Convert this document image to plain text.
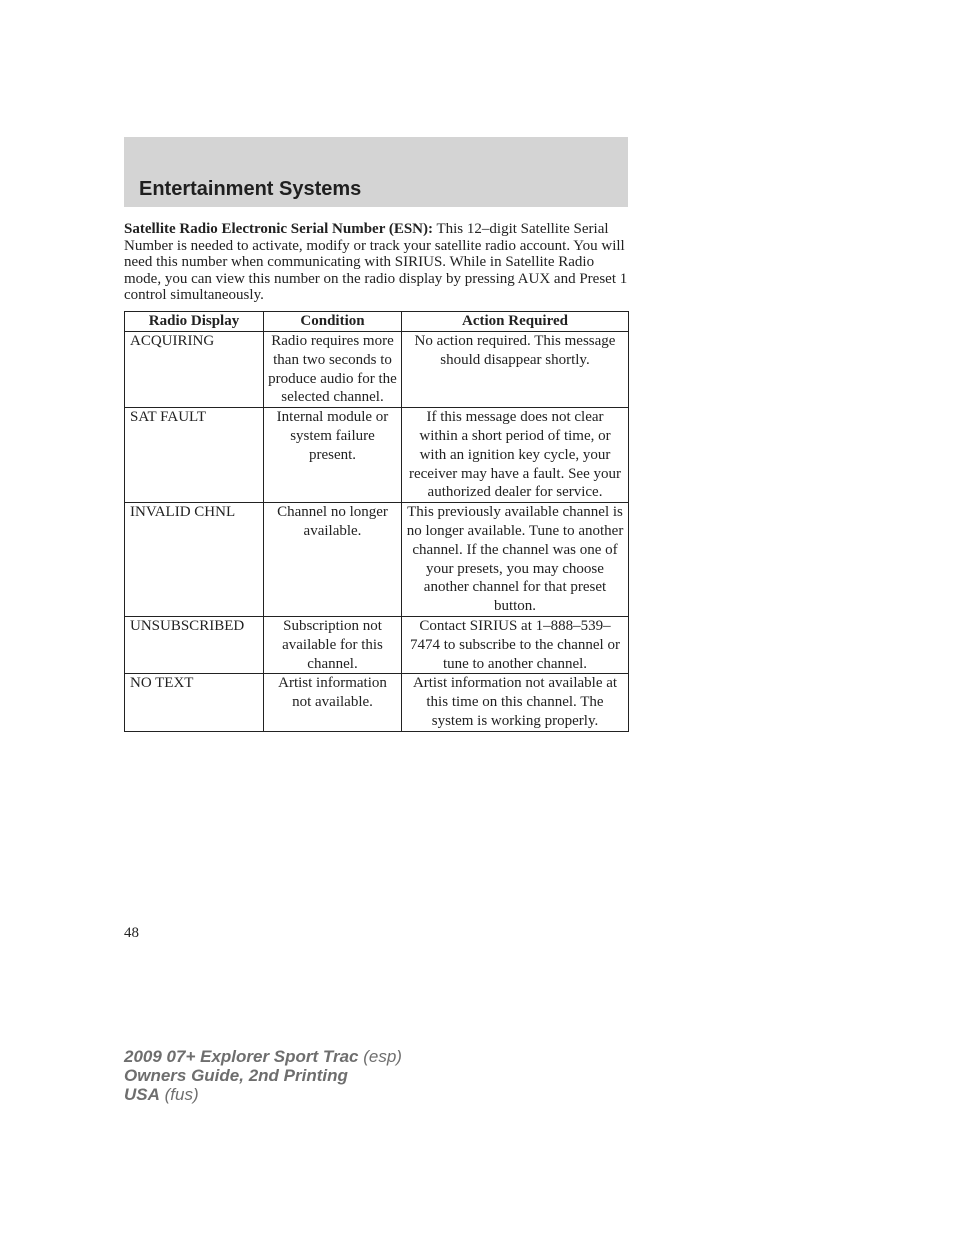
Entertainment Systems

Satellite Radio Electronic Serial Number (ESN): This 12–digit Satellite Serial Number is needed to activate, modify or track your satellite radio account. You will need this number when communicating with SIRIUS. While in Satellite Radio mode, you can view this number on the radio display by pressing AUX and Preset 1 control simultaneously.

Radio Display	Condition	Action Required
ACQUIRING	Radio requires more than two seconds to produce audio for the selected channel.	No action required. This message should disappear shortly.
SAT FAULT	Internal module or system failure present.	If this message does not clear within a short period of time, or with an ignition key cycle, your receiver may have a fault. See your authorized dealer for service.
INVALID CHNL	Channel no longer available.	This previously available channel is no longer available. Tune to another channel. If the channel was one of your presets, you may choose another channel for that preset button.
UNSUBSCRIBED	Subscription not available for this channel.	Contact SIRIUS at 1–888–539–7474 to subscribe to the channel or tune to another channel.
NO TEXT	Artist information not available.	Artist information not available at this time on this channel. The system is working properly.

48

2009 07+ Explorer Sport Trac (esp)
Owners Guide, 2nd Printing
USA (fus)
